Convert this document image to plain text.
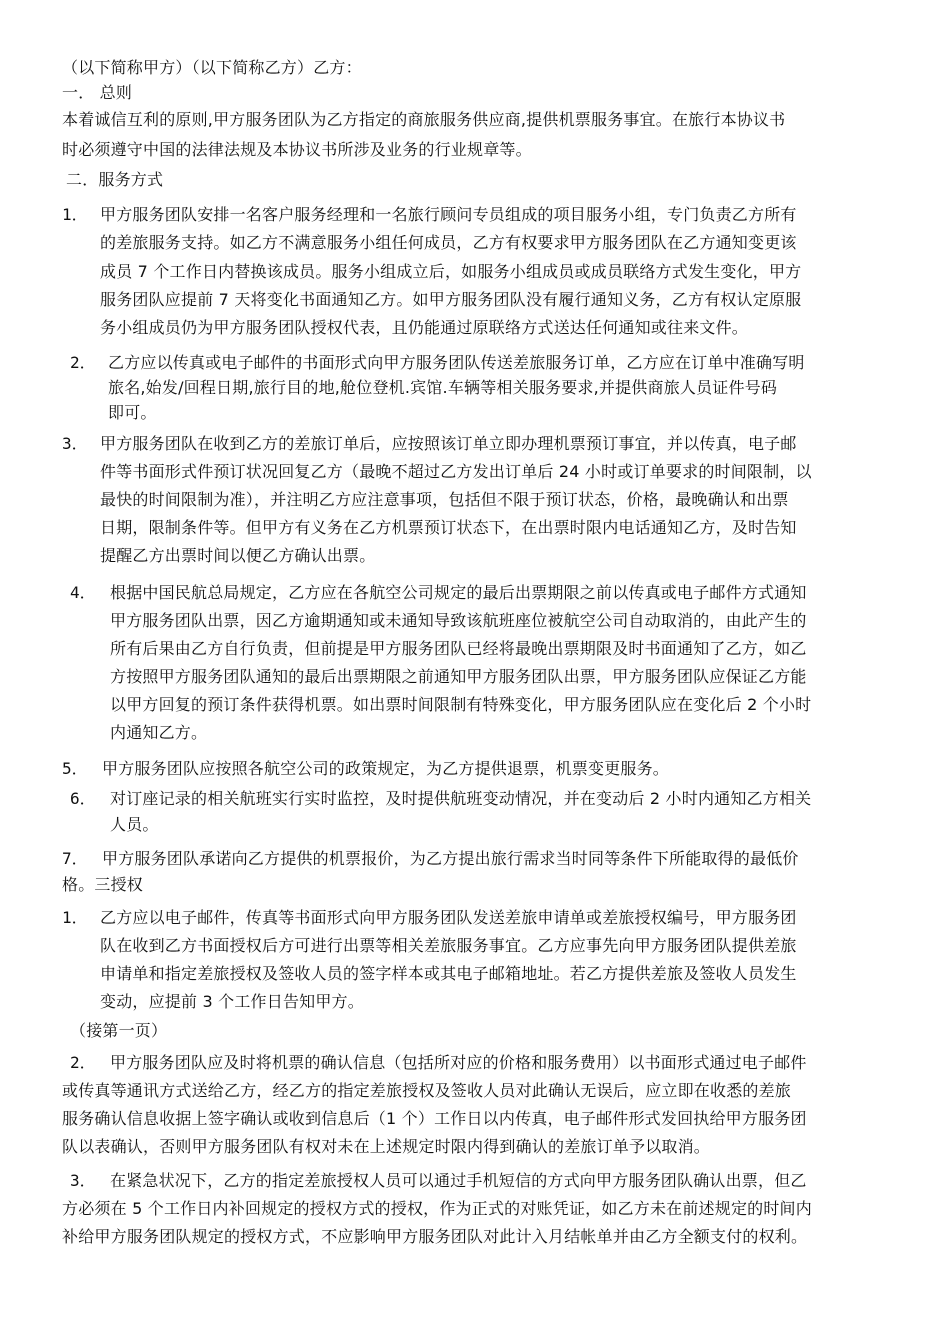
（以下简称甲方）（以下简称乙方）乙方：
一． 总则
本着诚信互利的原则,甲方服务团队为乙方指定的商旅服务供应商,提供机票服务事宜。在旅行本协议书
时必须遵守中国的法律法规及本协议书所涉及业务的行业规章等。
二．服务方式
1． 甲方服务团队安排一名客户服务经理和一名旅行顾问专员组成的项目服务小组，专门负责乙方所有
的差旅服务支持。如乙方不满意服务小组任何成员，乙方有权要求甲方服务团队在乙方通知变更该
成员 7 个工作日内替换该成员。服务小组成立后，如服务小组成员或成员联络方式发生变化，甲方
服务团队应提前 7 天将变化书面通知乙方。如甲方服务团队没有履行通知义务，乙方有权认定原服
务小组成员仍为甲方服务团队授权代表，且仍能通过原联络方式送达任何通知或往来文件。
2． 乙方应以传真或电子邮件的书面形式向甲方服务团队传送差旅服务订单，乙方应在订单中准确写明
旅名,始发/回程日期,旅行目的地,舱位登机.宾馆.车辆等相关服务要求,并提供商旅人员证件号码
即可。
3． 甲方服务团队在收到乙方的差旅订单后，应按照该订单立即办理机票预订事宜，并以传真，电子邮
件等书面形式件预订状况回复乙方（最晚不超过乙方发出订单后 24 小时或订单要求的时间限制，以
最快的时间限制为准），并注明乙方应注意事项，包括但不限于预订状态，价格，最晚确认和出票
日期，限制条件等。但甲方有义务在乙方机票预订状态下，在出票时限内电话通知乙方，及时告知
提醒乙方出票时间以便乙方确认出票。
4． 根据中国民航总局规定，乙方应在各航空公司规定的最后出票期限之前以传真或电子邮件方式通知
甲方服务团队出票，因乙方逾期通知或未通知导致该航班座位被航空公司自动取消的，由此产生的
所有后果由乙方自行负责，但前提是甲方服务团队已经将最晚出票期限及时书面通知了乙方，如乙
方按照甲方服务团队通知的最后出票期限之前通知甲方服务团队出票，甲方服务团队应保证乙方能
以甲方回复的预订条件获得机票。如出票时间限制有特殊变化，甲方服务团队应在变化后 2 个小时
内通知乙方。
5． 甲方服务团队应按照各航空公司的政策规定，为乙方提供退票，机票变更服务。
6． 对订座记录的相关航班实行实时监控，及时提供航班变动情况，并在变动后 2 小时内通知乙方相关
人员。
7． 甲方服务团队承诺向乙方提供的机票报价，为乙方提出旅行需求当时同等条件下所能取得的最低价
格。三授权
1． 乙方应以电子邮件，传真等书面形式向甲方服务团队发送差旅申请单或差旅授权编号，甲方服务团
队在收到乙方书面授权后方可进行出票等相关差旅服务事宜。乙方应事先向甲方服务团队提供差旅
申请单和指定差旅授权及签收人员的签字样本或其电子邮箱地址。若乙方提供差旅及签收人员发生
变动，应提前 3 个工作日告知甲方。
（接第一页）
2． 甲方服务团队应及时将机票的确认信息（包括所对应的价格和服务费用）以书面形式通过电子邮件
或传真等通讯方式送给乙方，经乙方的指定差旅授权及签收人员对此确认无误后，应立即在收悉的差旅
服务确认信息收据上签字确认或收到信息后（1 个）工作日以内传真，电子邮件形式发回执给甲方服务团
队以表确认，否则甲方服务团队有权对未在上述规定时限内得到确认的差旅订单予以取消。
3． 在紧急状况下，乙方的指定差旅授权人员可以通过手机短信的方式向甲方服务团队确认出票，但乙
方必须在 5 个工作日内补回规定的授权方式的授权，作为正式的对账凭证，如乙方未在前述规定的时间内
补给甲方服务团队规定的授权方式，不应影响甲方服务团队对此计入月结帐单并由乙方全额支付的权利。
